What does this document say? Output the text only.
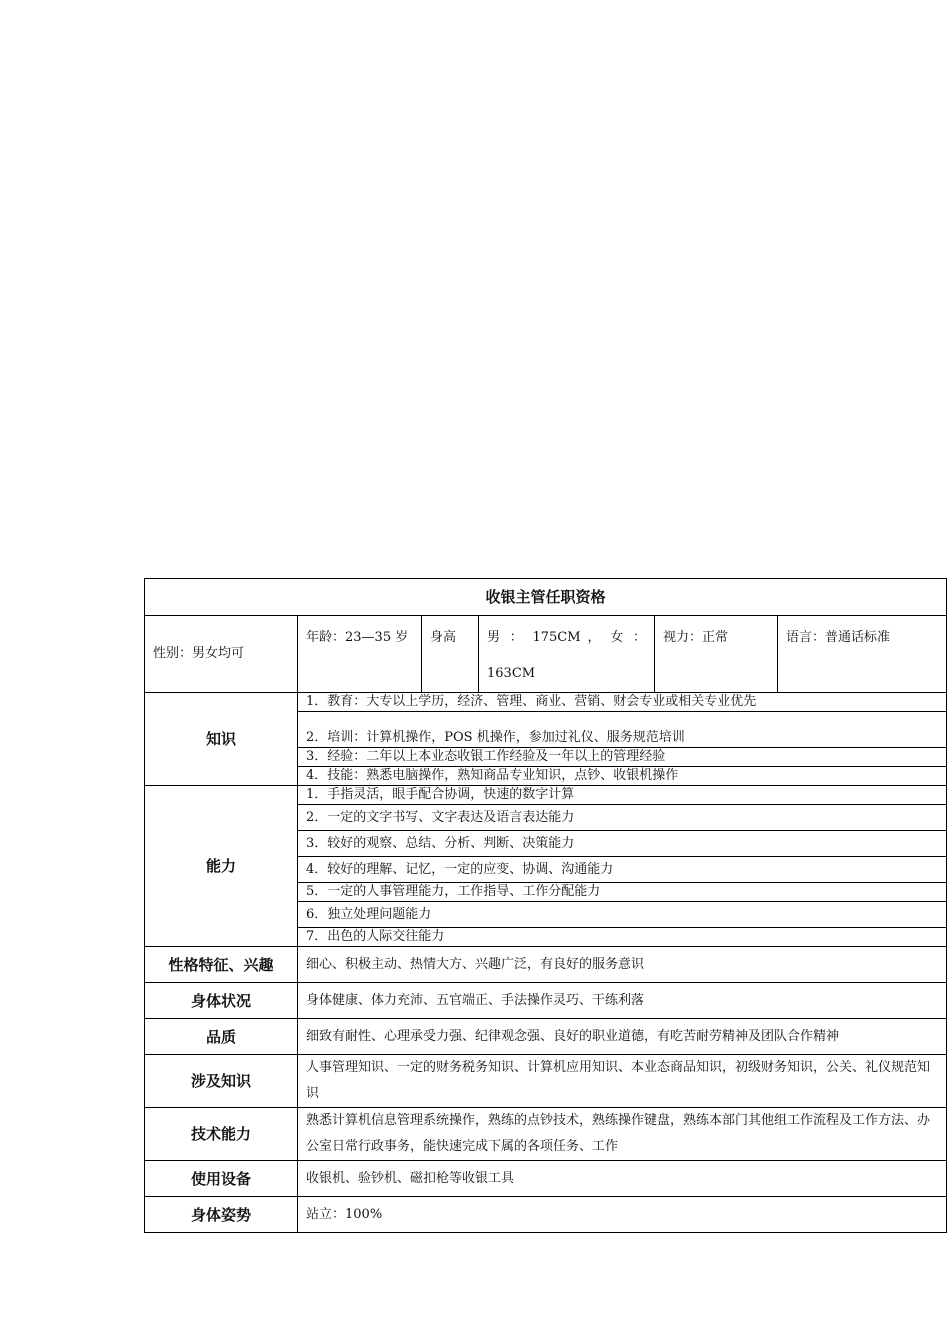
收银主管任职资格					
性别：男女均可	年龄：23—35 岁	身高	男 ： 175CM ， 女 ： 163CM	视力：正常	语言：普通话标准
知识	1．教育：大专以上学历，经济、管理、商业、营销、财会专业或相关专业优先				
	2．培训：计算机操作，POS 机操作，参加过礼仪、服务规范培训				
	3．经验：二年以上本业态收银工作经验及一年以上的管理经验				
	4．技能：熟悉电脑操作，熟知商品专业知识，点钞、收银机操作				
能力	1．手指灵活，眼手配合协调，快速的数字计算				
	2．一定的文字书写、文字表达及语言表达能力				
	3．较好的观察、总结、分析、判断、决策能力				
	4．较好的理解、记忆，一定的应变、协调、沟通能力				
	5．一定的人事管理能力，工作指导、工作分配能力				
	6．独立处理问题能力				
	7．出色的人际交往能力				
性格特征、兴趣	细心、积极主动、热情大方、兴趣广泛，有良好的服务意识				
身体状况	身体健康、体力充沛、五官端正、手法操作灵巧、干练利落				
品质	细致有耐性、心理承受力强、纪律观念强、良好的职业道德，有吃苦耐劳精神及团队合作精神				
涉及知识	人事管理知识、一定的财务税务知识、计算机应用知识、本业态商品知识，初级财务知识，公关、礼仪规范知识				
技术能力	熟悉计算机信息管理系统操作，熟练的点钞技术，熟练操作键盘，熟练本部门其他组工作流程及工作方法、办公室日常行政事务，能快速完成下属的各项任务、工作				
使用设备	收银机、验钞机、磁扣枪等收银工具				
身体姿势	站立：100%				
